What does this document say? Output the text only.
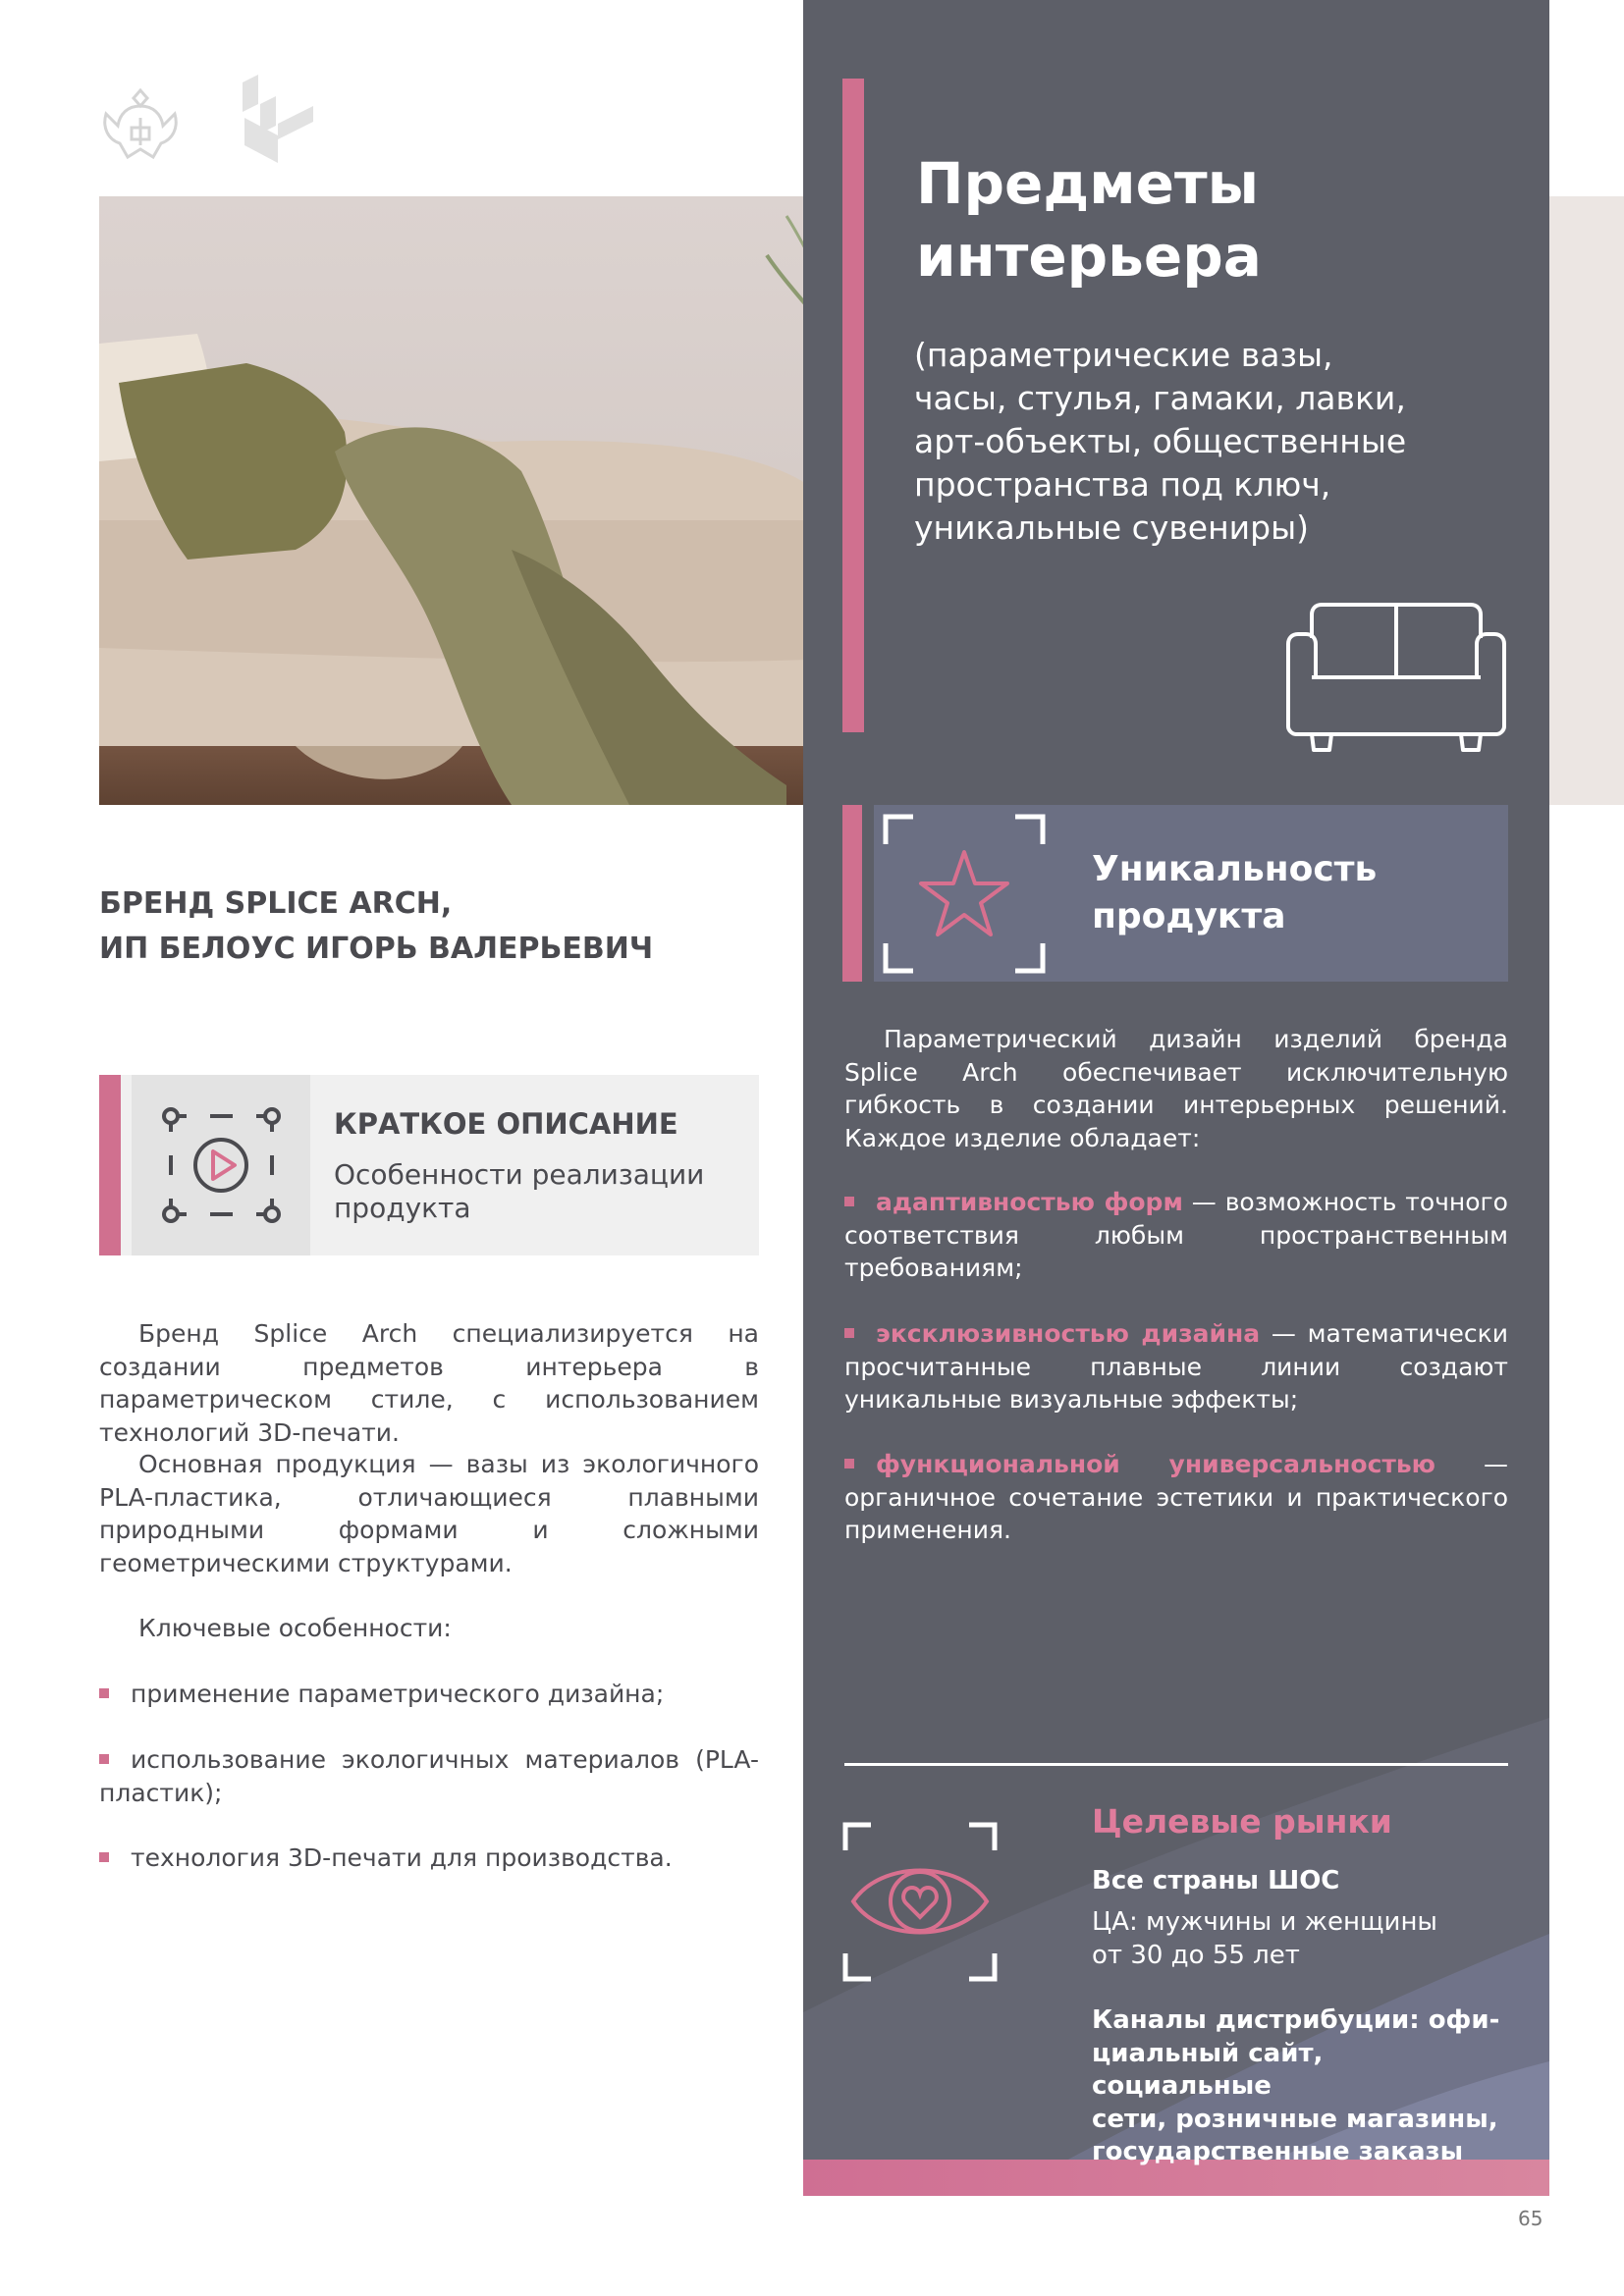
Предметы
интерьера
(параметрические вазы,
часы, стулья, гамаки, лавки,
арт-объекты, общественные
пространства под ключ,
уникальные сувениры)
Уникальность
продукта
Параметрический дизайн изделий бренда Splice Arch обеспечивает исключительную гибкость в создании интерьерных решений. Каждое изделие обладает:
адаптивностью форм — возможность точного соответствия любым пространственным требованиям;
эксклюзивностью дизайна — математически просчитанные плавные линии создают уникальные визуальные эффекты;
функциональной универсальностью — органичное сочетание эстетики и практического применения.
Целевые рынки
Все страны ШОС
ЦА: мужчины и женщины
от 30 до 55 лет
Каналы дистрибуции: офи-
циальный сайт, социальные
сети, розничные магазины,
государственные заказы
БРЕНД SPLICE ARCH,
ИП БЕЛОУС ИГОРЬ ВАЛЕРЬЕВИЧ
КРАТКОЕ ОПИСАНИЕ
Особенности реализации продукта
Бренд Splice Arch специализируется на создании предметов интерьера в параметрическом стиле, с использованием технологий 3D-печати.
Основная продукция — вазы из экологичного PLA-пластика, отличающиеся плавными природными формами и сложными геометрическими структурами.
Ключевые особенности:
применение параметрического дизайна;
использование экологичных материалов (PLA-пластик);
технология 3D-печати для производства.
65
